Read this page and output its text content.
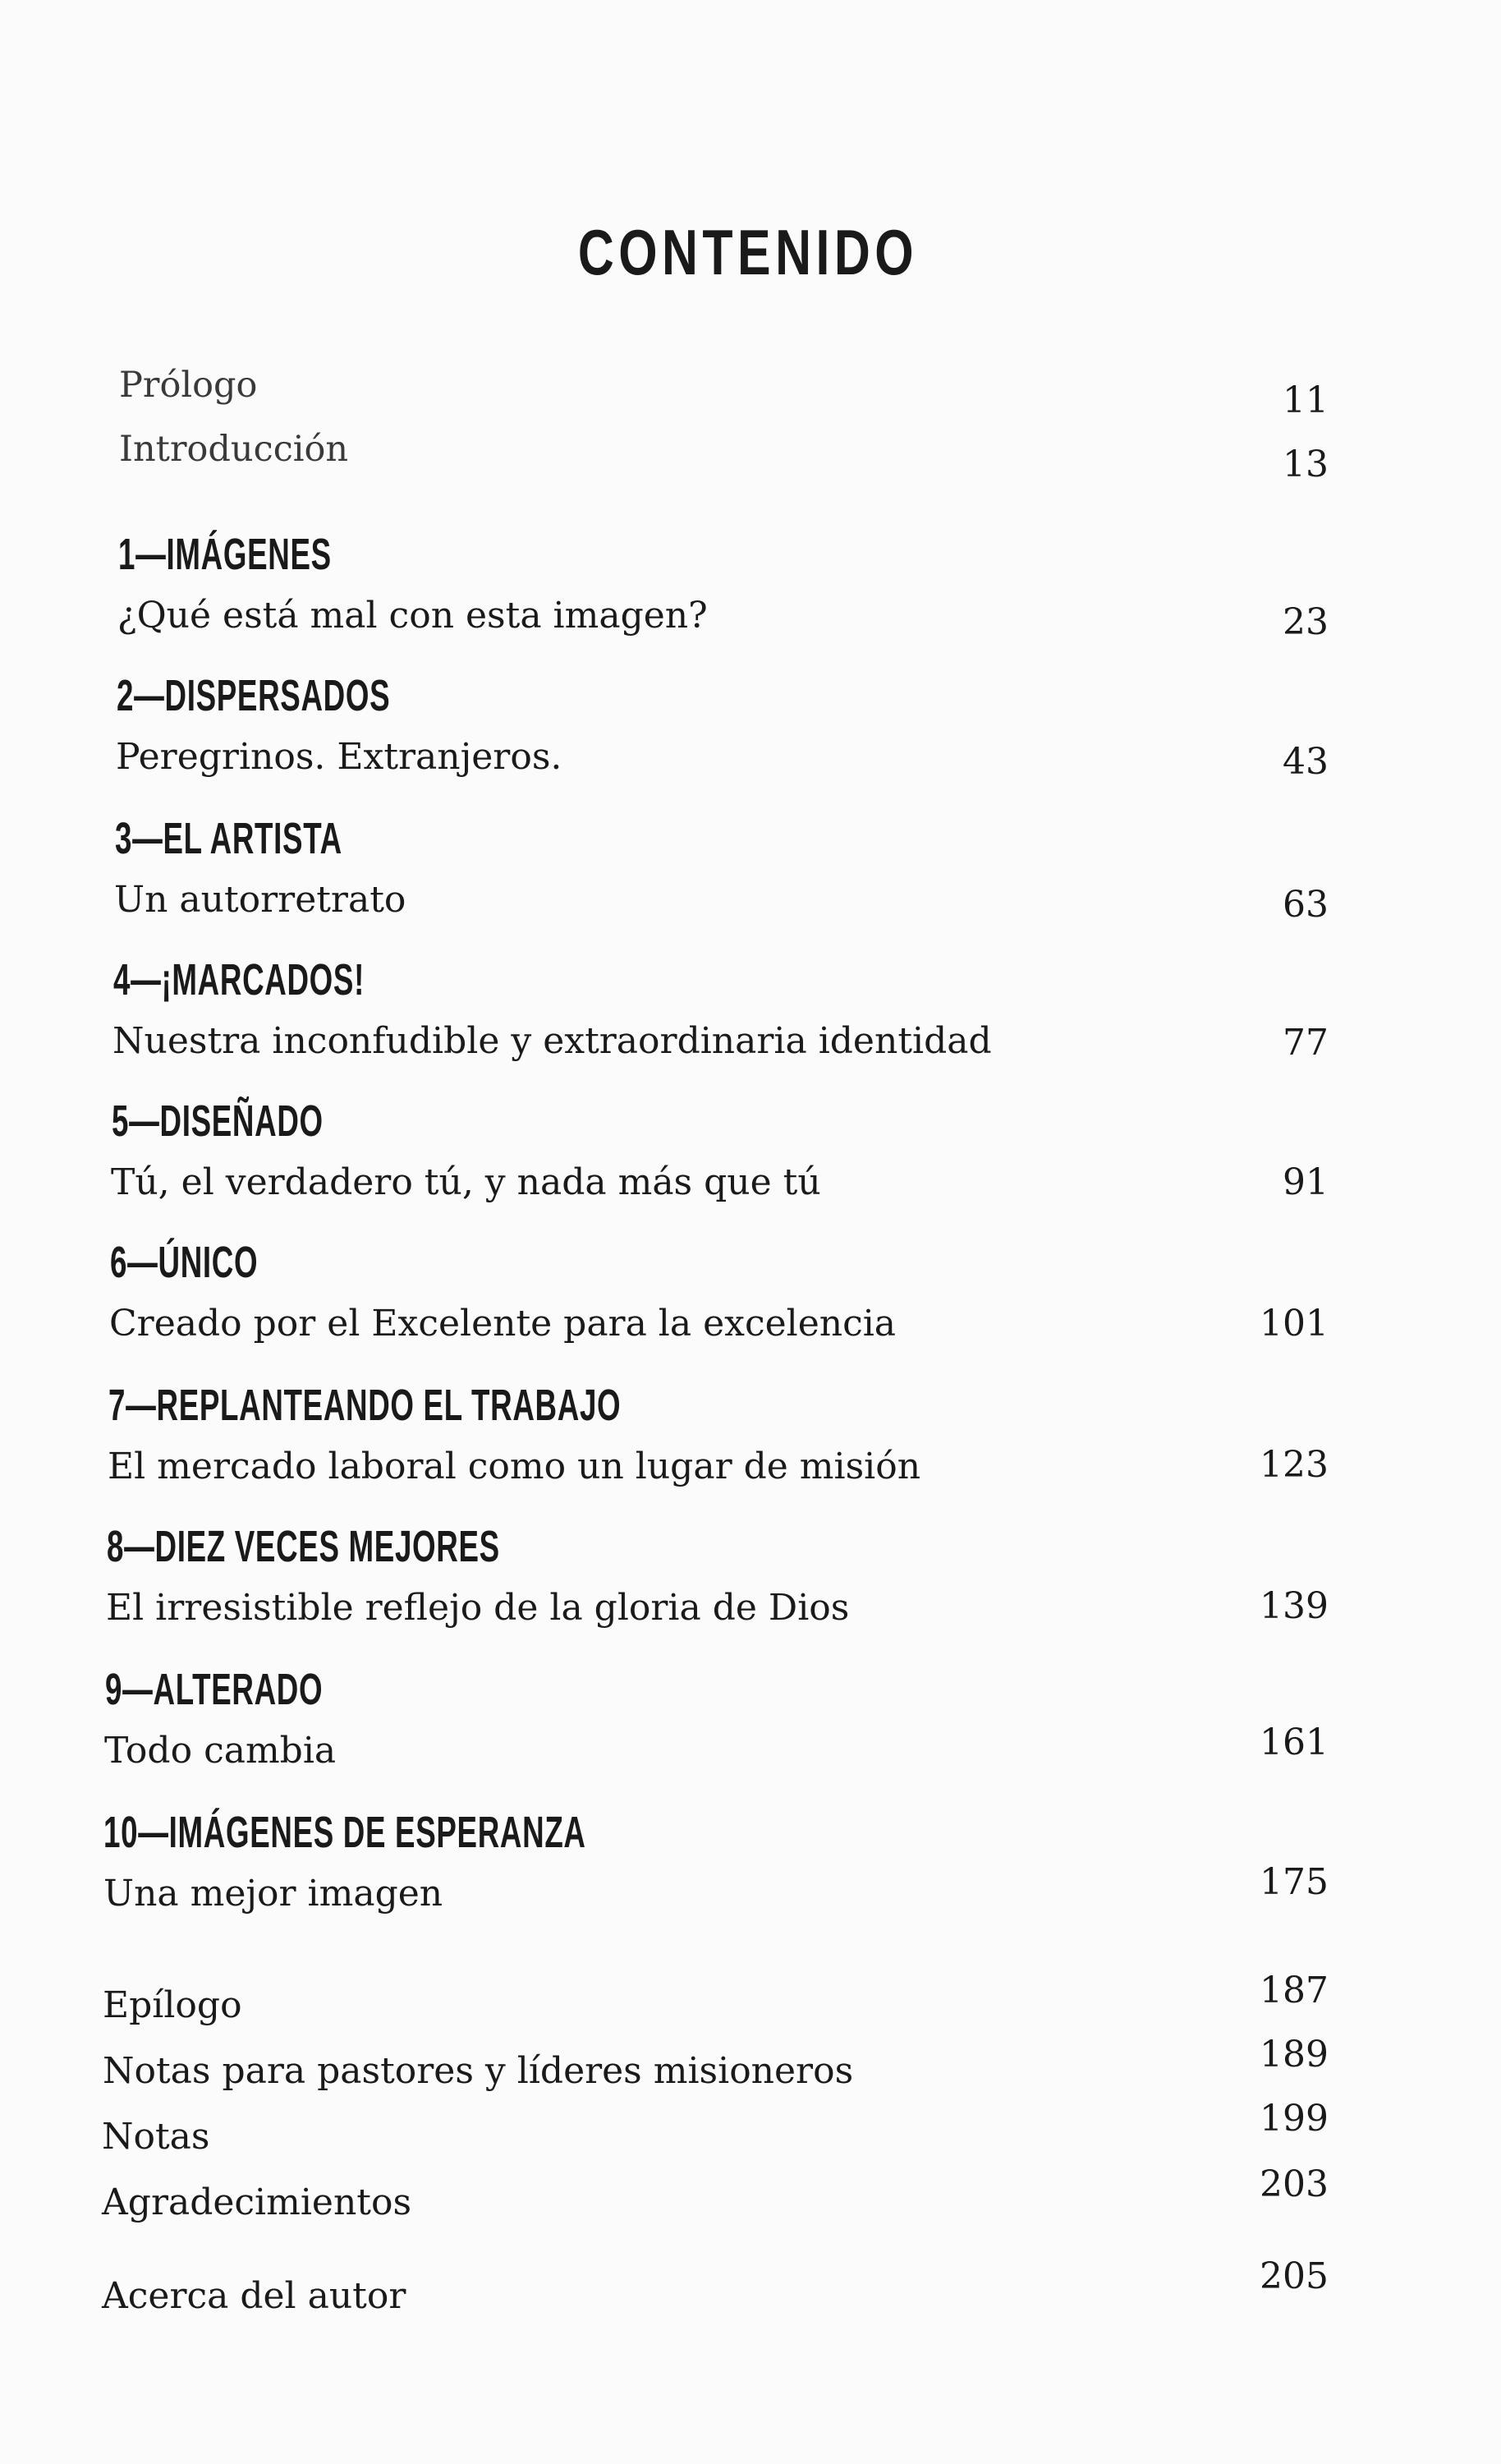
CONTENIDO
Prólogo	11
Introducción	13
1—IMÁGENES
¿Qué está mal con esta imagen?	23
2—DISPERSADOS
Peregrinos. Extranjeros.	43
3—EL ARTISTA
Un autorretrato	63
4—¡MARCADOS!
Nuestra inconfudible y extraordinaria identidad	77
5—DISEÑADO
Tú, el verdadero tú, y nada más que tú	91
6—ÚNICO
Creado por el Excelente para la excelencia	101
7—REPLANTEANDO EL TRABAJO
El mercado laboral como un lugar de misión	123
8—DIEZ VECES MEJORES
El irresistible reflejo de la gloria de Dios	139
9—ALTERADO
Todo cambia	161
10—IMÁGENES DE ESPERANZA
Una mejor imagen	175
Epílogo	187
Notas para pastores y líderes misioneros	189
Notas	199
Agradecimientos	203
Acerca del autor	205
